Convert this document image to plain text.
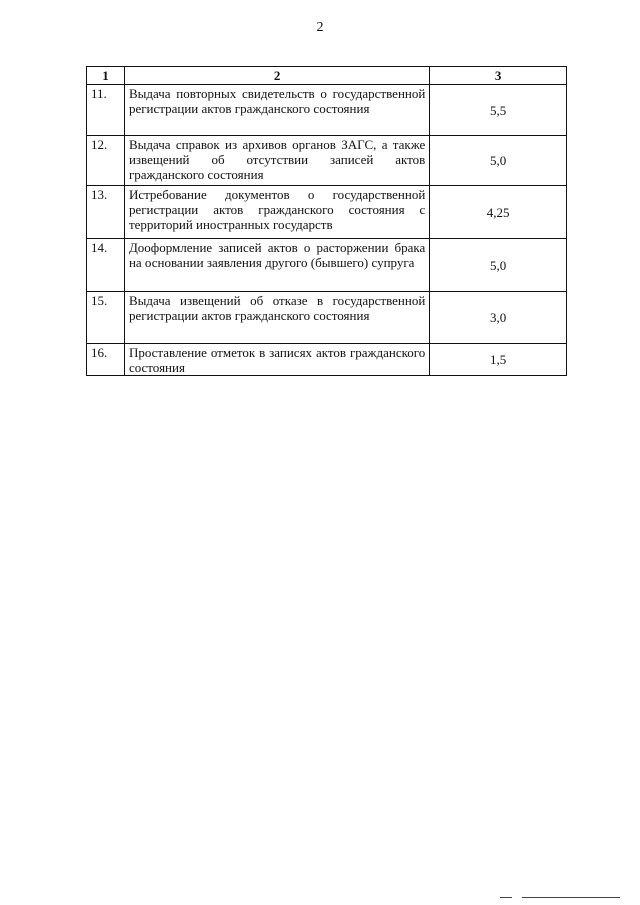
2
1	2	3
11.	Выдача повторных свидетельств о государственной регистрации актов гражданского состояния	5,5
12.	Выдача справок из архивов органов ЗАГС, а также извещений об отсутствии записей актов гражданского состояния	5,0
13.	Истребование документов о государственной регистрации актов гражданского состояния с территорий иностранных государств	4,25
14.	Дооформление записей актов о расторжении брака на основании заявления другого (бывшего) супруга	5,0
15.	Выдача извещений об отказе в государственной регистрации актов гражданского состояния	3,0
16.	Проставление отметок в записях актов гражданского состояния	1,5
